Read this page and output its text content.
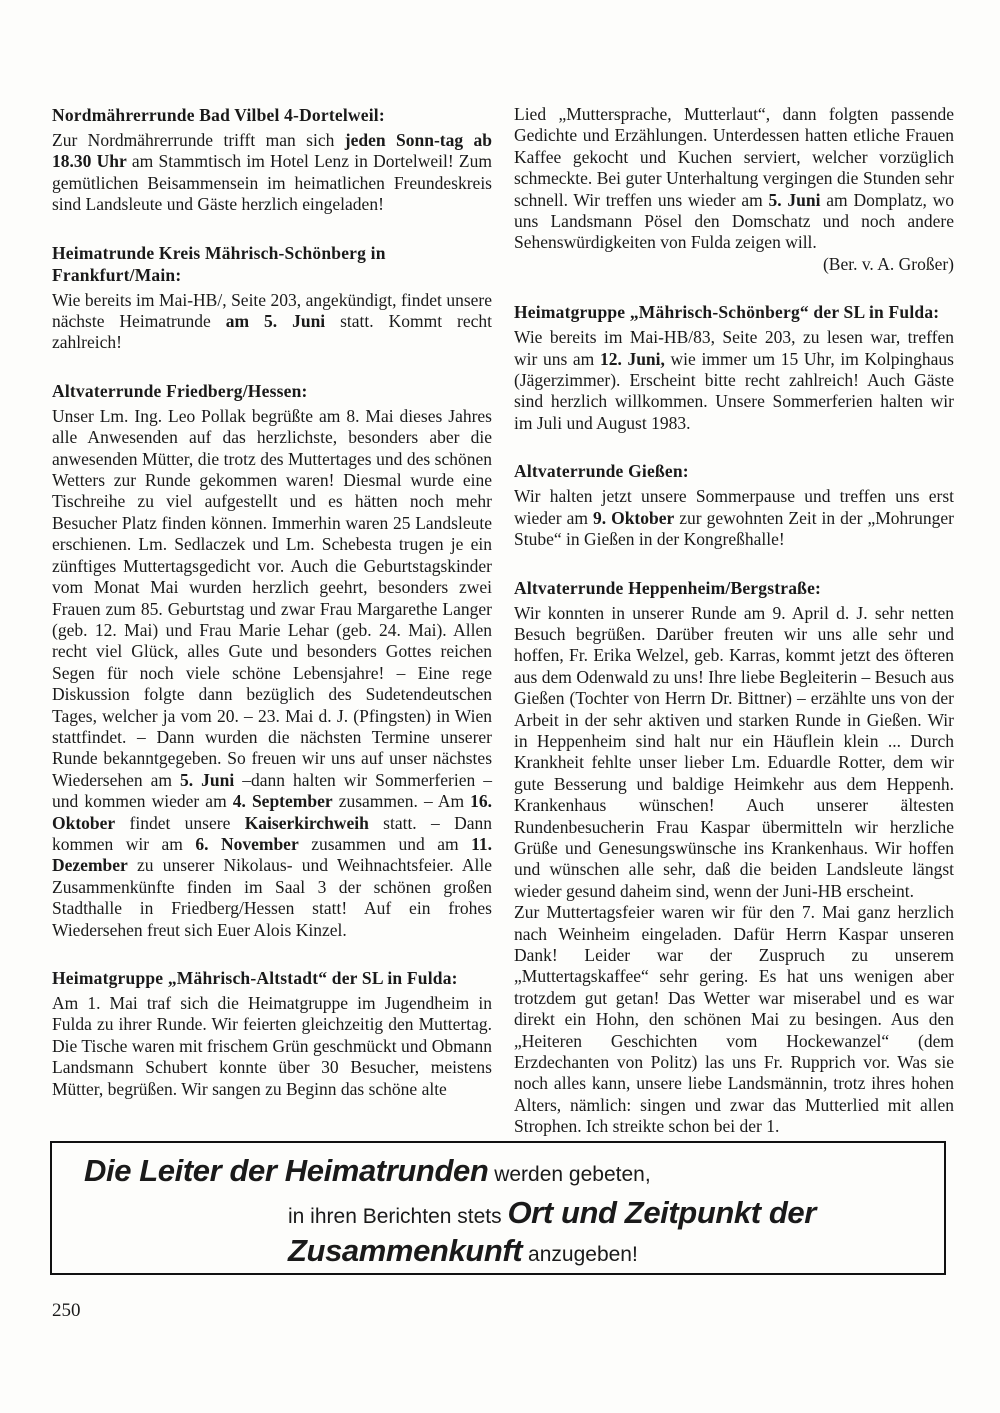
Nordmährerrunde Bad Vilbel 4-Dortelweil:

Zur Nordmährerrunde trifft man sich jeden Sonn-tag ab 18.30 Uhr am Stammtisch im Hotel Lenz in Dortelweil! Zum gemütlichen Beisammensein im heimatlichen Freundeskreis sind Landsleute und Gäste herzlich eingeladen!

Heimatrunde Kreis Mährisch-Schönberg in Frankfurt/Main:

Wie bereits im Mai-HB/, Seite 203, angekündigt, findet unsere nächste Heimatrunde am 5. Juni statt. Kommt recht zahlreich!

Altvaterrunde Friedberg/Hessen:

Unser Lm. Ing. Leo Pollak begrüßte am 8. Mai dieses Jahres alle Anwesenden auf das herzlichste, besonders aber die anwesenden Mütter, die trotz des Muttertages und des schönen Wetters zur Runde gekommen waren! Diesmal wurde eine Tischreihe zu viel aufgestellt und es hätten noch mehr Besucher Platz finden können. Immerhin waren 25 Landsleute erschienen. Lm. Sedlaczek und Lm. Schebesta trugen je ein zünftiges Muttertagsgedicht vor. Auch die Geburtstagskinder vom Monat Mai wurden herzlich geehrt, besonders zwei Frauen zum 85. Geburtstag und zwar Frau Margarethe Langer (geb. 12. Mai) und Frau Marie Lehar (geb. 24. Mai). Allen recht viel Glück, alles Gute und besonders Gottes reichen Segen für noch viele schöne Lebensjahre! – Eine rege Diskussion folgte dann bezüglich des Sudetendeutschen Tages, welcher ja vom 20. – 23. Mai d. J. (Pfingsten) in Wien stattfindet. – Dann wurden die nächsten Termine unserer Runde bekanntgegeben. So freuen wir uns auf unser nächstes Wiedersehen am 5. Juni –dann halten wir Sommerferien – und kommen wieder am 4. September zusammen. – Am 16. Oktober findet unsere Kaiserkirchweih statt. – Dann kommen wir am 6. November zusammen und am 11. Dezember zu unserer Nikolaus- und Weihnachtsfeier. Alle Zusammenkünfte finden im Saal 3 der schönen großen Stadthalle in Friedberg/Hessen statt! Auf ein frohes Wiedersehen freut sich Euer Alois Kinzel.

Heimatgruppe „Mährisch-Altstadt“ der SL in Fulda:

Am 1. Mai traf sich die Heimatgruppe im Jugendheim in Fulda zu ihrer Runde. Wir feierten gleichzeitig den Muttertag. Die Tische waren mit frischem Grün geschmückt und Obmann Landsmann Schubert konnte über 30 Besucher, meistens Mütter, begrüßen. Wir sangen zu Beginn das schöne alte

Lied „Muttersprache, Mutterlaut“, dann folgten passende Gedichte und Erzählungen. Unterdessen hatten etliche Frauen Kaffee gekocht und Kuchen serviert, welcher vorzüglich schmeckte. Bei guter Unterhaltung vergingen die Stunden sehr schnell. Wir treffen uns wieder am 5. Juni am Domplatz, wo uns Landsmann Pösel den Domschatz und noch andere Sehenswürdigkeiten von Fulda zeigen will.

(Ber. v. A. Großer)

Heimatgruppe „Mährisch-Schönberg“ der SL in Fulda:

Wie bereits im Mai-HB/83, Seite 203, zu lesen war, treffen wir uns am 12. Juni, wie immer um 15 Uhr, im Kolpinghaus (Jägerzimmer). Erscheint bitte recht zahlreich! Auch Gäste sind herzlich willkommen. Unsere Sommerferien halten wir im Juli und August 1983.

Altvaterrunde Gießen:

Wir halten jetzt unsere Sommerpause und treffen uns erst wieder am 9. Oktober zur gewohnten Zeit in der „Mohrunger Stube“ in Gießen in der Kongreßhalle!

Altvaterrunde Heppenheim/Bergstraße:

Wir konnten in unserer Runde am 9. April d. J. sehr netten Besuch begrüßen. Darüber freuten wir uns alle sehr und hoffen, Fr. Erika Welzel, geb. Karras, kommt jetzt des öfteren aus dem Odenwald zu uns! Ihre liebe Begleiterin – Besuch aus Gießen (Tochter von Herrn Dr. Bittner) – erzählte uns von der Arbeit in der sehr aktiven und starken Runde in Gießen. Wir in Heppenheim sind halt nur ein Häuflein klein ... Durch Krankheit fehlte unser lieber Lm. Eduardle Rotter, dem wir gute Besserung und baldige Heimkehr aus dem Heppenh. Krankenhaus wünschen! Auch unserer ältesten Rundenbesucherin Frau Kaspar übermitteln wir herzliche Grüße und Genesungswünsche ins Krankenhaus. Wir hoffen und wünschen alle sehr, daß die beiden Landsleute längst wieder gesund daheim sind, wenn der Juni-HB erscheint.

Zur Muttertagsfeier waren wir für den 7. Mai ganz herzlich nach Weinheim eingeladen. Dafür Herrn Kaspar unseren Dank! Leider war der Zuspruch zu unserem „Muttertagskaffee“ sehr gering. Es hat uns wenigen aber trotzdem gut getan! Das Wetter war miserabel und es war direkt ein Hohn, den schönen Mai zu besingen. Aus den „Heiteren Geschichten vom Hockewanzel“ (dem Erzdechanten von Politz) las uns Fr. Rupprich vor. Was sie noch alles kann, unsere liebe Landsmännin, trotz ihres hohen Alters, nämlich: singen und zwar das Mutterlied mit allen Strophen. Ich streikte schon bei der 1.

Die Leiter der Heimatrunden werden gebeten,
in ihren Berichten stets Ort und Zeitpunkt der
Zusammenkunft anzugeben!
250
